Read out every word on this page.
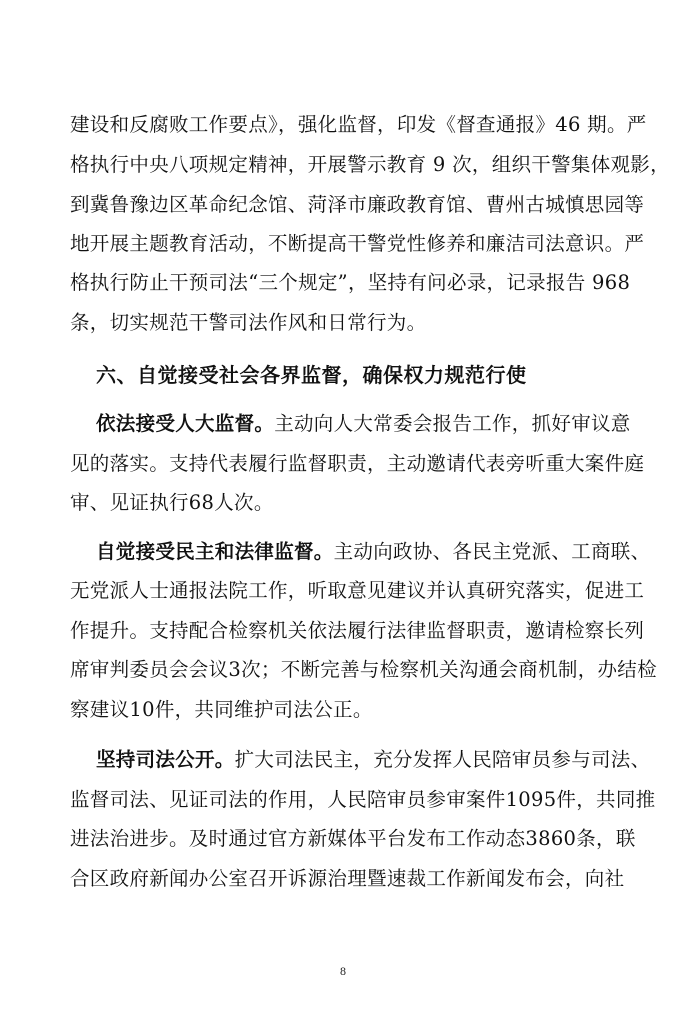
建设和反腐败工作要点》，强化监督，印发《督查通报》46 期。严
格执行中央八项规定精神，开展警示教育 9 次，组织干警集体观影，
到冀鲁豫边区革命纪念馆、菏泽市廉政教育馆、曹州古城慎思园等
地开展主题教育活动，不断提高干警党性修养和廉洁司法意识。严
格执行防止干预司法“三个规定”，坚持有问必录，记录报告 968
条，切实规范干警司法作风和日常行为。
六、自觉接受社会各界监督，确保权力规范行使
依法接受人大监督。主动向人大常委会报告工作，抓好审议意
见的落实。支持代表履行监督职责，主动邀请代表旁听重大案件庭
审、见证执行68人次。
自觉接受民主和法律监督。主动向政协、各民主党派、工商联、
无党派人士通报法院工作，听取意见建议并认真研究落实，促进工
作提升。支持配合检察机关依法履行法律监督职责，邀请检察长列
席审判委员会会议3次；不断完善与检察机关沟通会商机制，办结检
察建议10件，共同维护司法公正。
坚持司法公开。扩大司法民主，充分发挥人民陪审员参与司法、
监督司法、见证司法的作用，人民陪审员参审案件1095件，共同推
进法治进步。及时通过官方新媒体平台发布工作动态3860条，联
合区政府新闻办公室召开诉源治理暨速裁工作新闻发布会，向社
8
